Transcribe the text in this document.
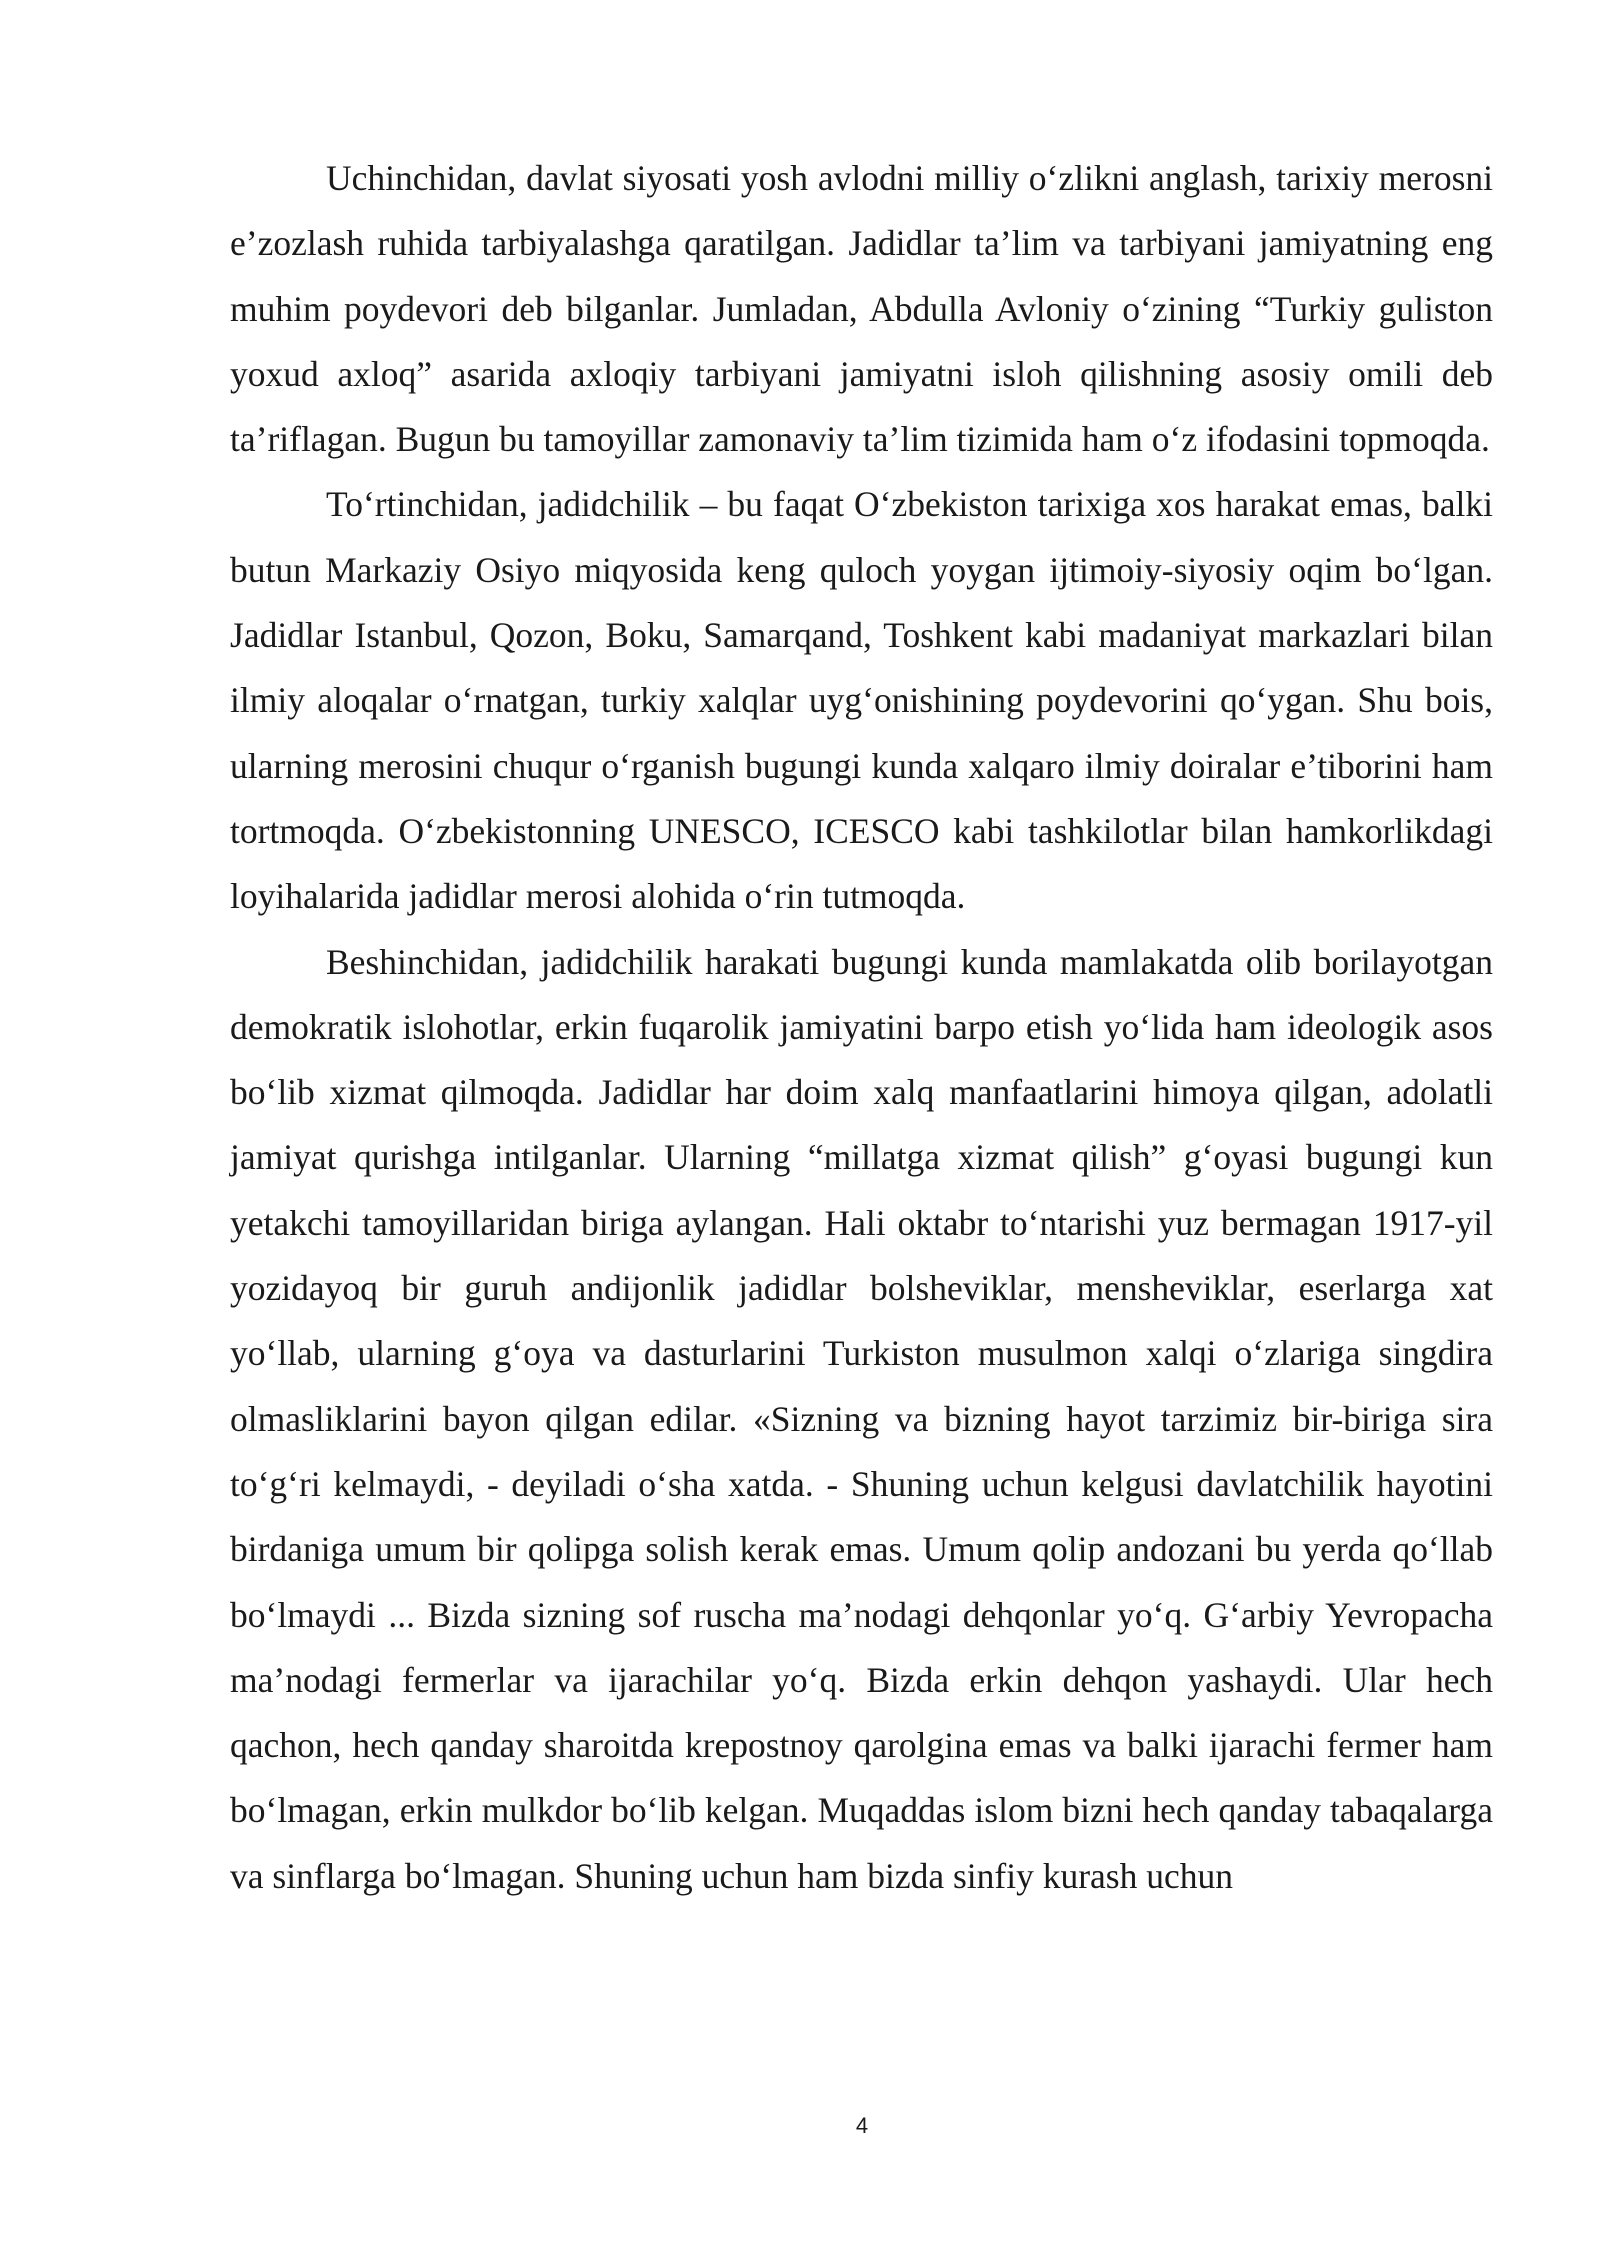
Uchinchidan, davlat siyosati yosh avlodni milliy o‘zlikni anglash, tarixiy merosni e’zozlash ruhida tarbiyalashga qaratilgan. Jadidlar ta’lim va tarbiyani jamiyatning eng muhim poydevori deb bilganlar. Jumladan, Abdulla Avloniy o‘zining “Turkiy guliston yoxud axloq” asarida axloqiy tarbiyani jamiyatni isloh qilishning asosiy omili deb ta’riflagan. Bugun bu tamoyillar zamonaviy ta’lim tizimida ham o‘z ifodasini topmoqda.

To‘rtinchidan, jadidchilik – bu faqat O‘zbekiston tarixiga xos harakat emas, balki butun Markaziy Osiyo miqyosida keng quloch yoygan ijtimoiy-siyosiy oqim bo‘lgan. Jadidlar Istanbul, Qozon, Boku, Samarqand, Toshkent kabi madaniyat markazlari bilan ilmiy aloqalar o‘rnatgan, turkiy xalqlar uyg‘onishining poydevorini qo‘ygan. Shu bois, ularning merosini chuqur o‘rganish bugungi kunda xalqaro ilmiy doiralar e’tiborini ham tortmoqda. O‘zbekistonning UNESCO, ICESCO kabi tashkilotlar bilan hamkorlikdagi loyihalarida jadidlar merosi alohida o‘rin tutmoqda.

Beshinchidan, jadidchilik harakati bugungi kunda mamlakatda olib borilayotgan demokratik islohotlar, erkin fuqarolik jamiyatini barpo etish yo‘lida ham ideologik asos bo‘lib xizmat qilmoqda. Jadidlar har doim xalq manfaatlarini himoya qilgan, adolatli jamiyat qurishga intilganlar. Ularning “millatga xizmat qilish” g‘oyasi bugungi kun yetakchi tamoyillaridan biriga aylangan. Hali oktabr to‘ntarishi yuz bermagan 1917-yil yozidayoq bir guruh andijonlik jadidlar bolsheviklar, mensheviklar, eserlarga xat yo‘llab, ularning g‘oya va dasturlarini Turkiston musulmon xalqi o‘zlariga singdira olmasliklarini bayon qilgan edilar. «Sizning va bizning hayot tarzimiz bir-biriga sira to‘g‘ri kelmaydi, - deyiladi o‘sha xatda. - Shuning uchun kelgusi davlatchilik hayotini birdaniga umum bir qolipga solish kerak emas. Umum qolip andozani bu yerda qo‘llab bo‘lmaydi ... Bizda sizning sof ruscha ma’nodagi dehqonlar yo‘q. G‘arbiy Yevropacha ma’nodagi fermerlar va ijarachilar yo‘q. Bizda erkin dehqon yashaydi. Ular hech qachon, hech qanday sharoitda krepostnoy qarolgina emas va balki ijarachi fermer ham bo‘lmagan, erkin mulkdor bo‘lib kelgan. Muqaddas islom bizni hech qanday tabaqalarga va sinflarga bo‘lmagan. Shuning uchun ham bizda sinfiy kurash uchun

4
